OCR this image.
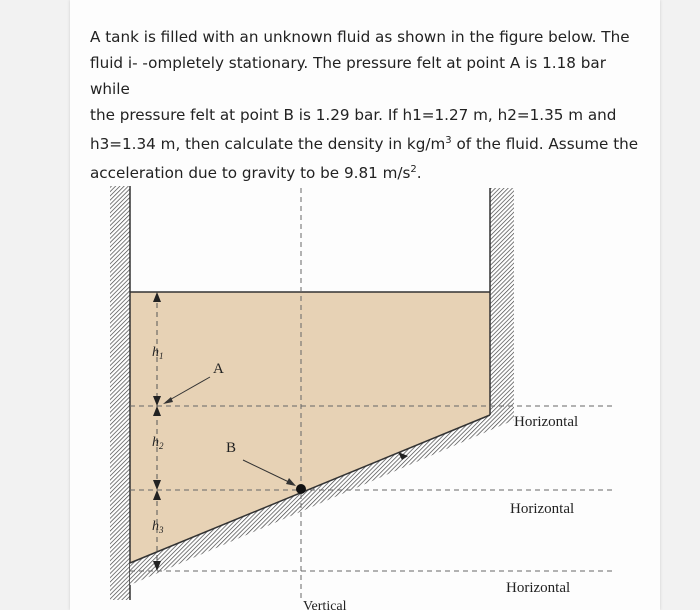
A tank is filled with an unknown fluid as shown in the figure below. The
fluid i- -ompletely stationary. The pressure felt at point A is 1.18 bar while
the pressure felt at point B is 1.29 bar. If h1=1.27 m, h2=1.35 m and
h3=1.34 m, then calculate the density in $kg/m^3$ of the fluid. Assume the
acceleration due to gravity to be 9.81 $m/s^2$.

$h_1$
$h_2$
$h_3$
A
B
Horizontal
Horizontal
Horizontal
Vertical
